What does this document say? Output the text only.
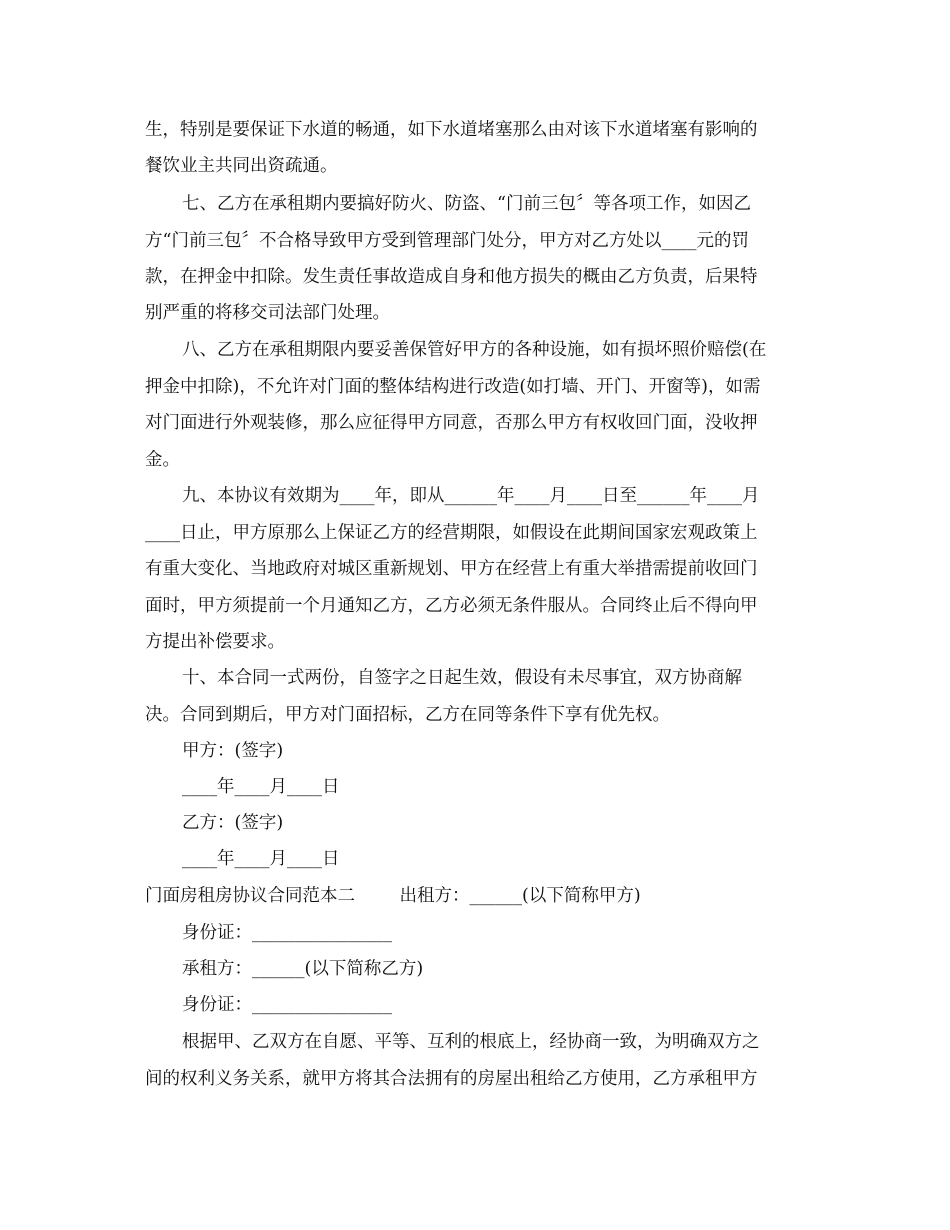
生，特别是要保证下水道的畅通，如下水道堵塞那么由对该下水道堵塞有影响的

餐饮业主共同出资疏通。

七、乙方在承租期内要搞好防火、防盗、“门前三包〞等各项工作，如因乙

方“门前三包〞不合格导致甲方受到管理部门处分，甲方对乙方处以____元的罚

款，在押金中扣除。发生责任事故造成自身和他方损失的概由乙方负责，后果特

别严重的将移交司法部门处理。

八、乙方在承租期限内要妥善保管好甲方的各种设施，如有损坏照价赔偿(在

押金中扣除)，不允许对门面的整体结构进行改造(如打墙、开门、开窗等)，如需

对门面进行外观装修，那么应征得甲方同意，否那么甲方有权收回门面，没收押

金。

九、本协议有效期为____年，即从______年____月____日至______年____月

____日止，甲方原那么上保证乙方的经营期限，如假设在此期间国家宏观政策上

有重大变化、当地政府对城区重新规划、甲方在经营上有重大举措需提前收回门

面时，甲方须提前一个月通知乙方，乙方必须无条件服从。合同终止后不得向甲

方提出补偿要求。

十、本合同一式两份，自签字之日起生效，假设有未尽事宜，双方协商解

决。合同到期后，甲方对门面招标，乙方在同等条件下享有优先权。

甲方：(签字)

____年____月____日

乙方：(签字)

____年____月____日

门面房租房协议合同范本二        出租方：______(以下简称甲方)

身份证：________________

承租方：______(以下简称乙方)

身份证：________________

根据甲、乙双方在自愿、平等、互利的根底上，经协商一致，为明确双方之

间的权利义务关系，就甲方将其合法拥有的房屋出租给乙方使用，乙方承租甲方
